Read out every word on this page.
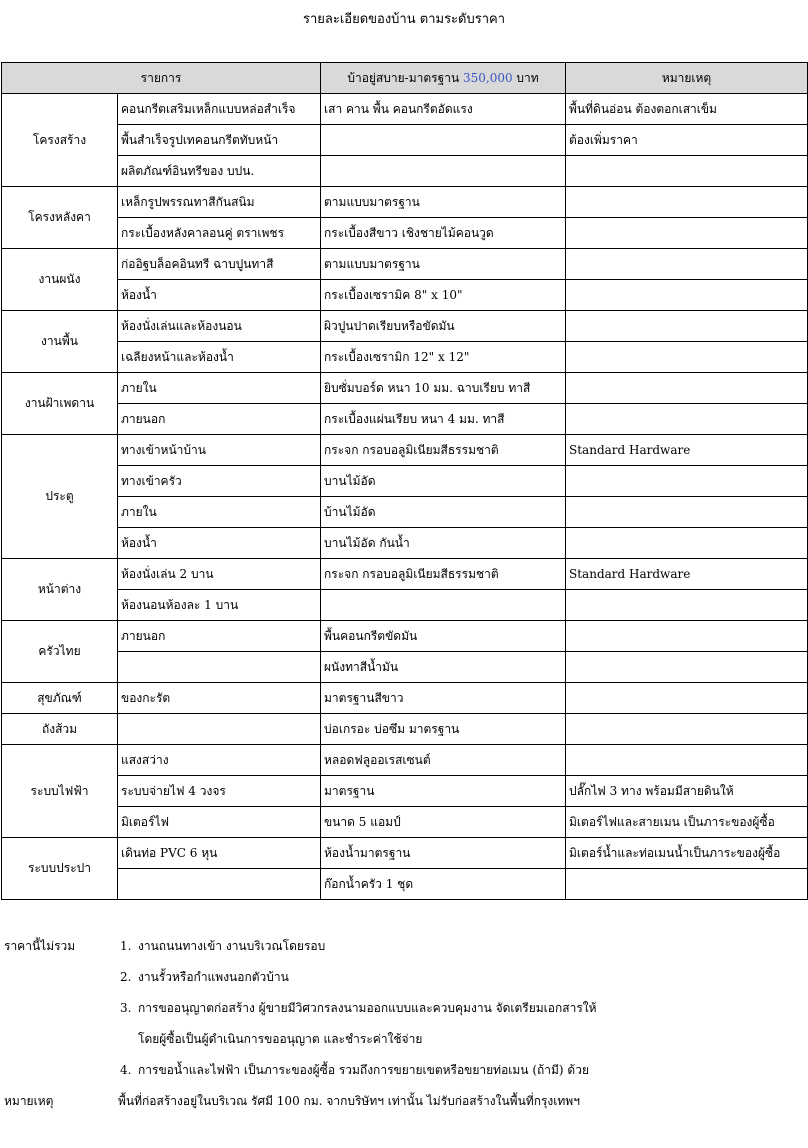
รายละเอียดของบ้าน ตามระดับราคา
รายการ		บ้าอยู่สบาย-มาตรฐาน 350,000 บาท	หมายเหตุ
โครงสร้าง	คอนกรีตเสริมเหล็กแบบหล่อสำเร็จ	เสา คาน พื้น คอนกรีตอัดแรง	พื้นที่ดินอ่อน ต้องตอกเสาเข็ม
	พื้นสำเร็จรูปเทคอนกรีตทับหน้า		ต้องเพิ่มราคา
	ผลิตภัณฑ์อินทรีของ บปน.		
โครงหลังคา	เหล็กรูปพรรณทาสีกันสนิม	ตามแบบมาตรฐาน	
	กระเบื้องหลังคาลอนคู่ ตราเพชร	กระเบื้องสีขาว เชิงชายไม้คอนวูด	
งานผนัง	ก่ออิฐบล็อคอินทรี ฉาบปูนทาสี	ตามแบบมาตรฐาน	
	ห้องน้ำ	กระเบื้องเซรามิค 8" x 10"	
งานพื้น	ห้องนั่งเล่นและห้องนอน	ผิวปูนปาดเรียบหรือขัดมัน	
	เฉลียงหน้าและห้องน้ำ	กระเบื้องเซรามิก 12" x 12"	
งานฝ้าเพดาน	ภายใน	ยิบซั่มบอร์ด หนา 10 มม. ฉาบเรียบ ทาสี	
	ภายนอก	กระเบื้องแผ่นเรียบ หนา 4 มม. ทาสี	
ประตู	ทางเข้าหน้าบ้าน	กระจก กรอบอลูมิเนียมสีธรรมชาติ	Standard Hardware
	ทางเข้าครัว	บานไม้อัด	
	ภายใน	บ้านไม้อัด	
	ห้องน้ำ	บานไม้อัด กันน้ำ	
หน้าต่าง	ห้องนั่งเล่น 2 บาน	กระจก กรอบอลูมิเนียมสีธรรมชาติ	Standard Hardware
	ห้องนอนห้องละ 1 บาน		
ครัวไทย	ภายนอก	พื้นคอนกรีตขัดมัน	
		ผนังทาสีน้ำมัน	
สุขภัณฑ์	ของกะรัต	มาตรฐานสีขาว	
ถังส้วม		บ่อเกรอะ บ่อซึม มาตรฐาน	
ระบบไฟฟ้า	แสงสว่าง	หลอดฟลูออเรสเซนต์	
	ระบบจ่ายไฟ 4 วงจร	มาตรฐาน	ปลั๊กไฟ 3 ทาง พร้อมมีสายดินให้
	มิเตอร์ไฟ	ขนาด 5 แอมป์	มิเตอร์ไฟและสายเมน เป็นภาระของผู้ซื้อ
ระบบประปา	เดินท่อ PVC 6 หุน	ห้องน้ำมาตรฐาน	มิเตอร์น้ำและท่อเมนน้ำเป็นภาระของผู้ซื้อ
		ก๊อกน้ำครัว 1 ชุด	
ราคานี้ไม่รวม	1. งานถนนทางเข้า งานบริเวณโดยรอบ
2. งานรั้วหรือกำแพงนอกตัวบ้าน
3. การขออนุญาตก่อสร้าง ผู้ขายมีวิศวกรลงนามออกแบบและควบคุมงาน จัดเตรียมเอกสารให้
โดยผู้ซื้อเป็นผู้ดำเนินการขออนุญาต และชำระค่าใช้จ่าย
4. การขอน้ำและไฟฟ้า เป็นภาระของผู้ซื้อ รวมถึงการขยายเขตหรือขยายท่อเมน (ถ้ามี) ด้วย
หมายเหตุ	พื้นที่ก่อสร้างอยู่ในบริเวณ รัศมี 100 กม. จากบริษัทฯ เท่านั้น ไม่รับก่อสร้างในพื้นที่กรุงเทพฯ
